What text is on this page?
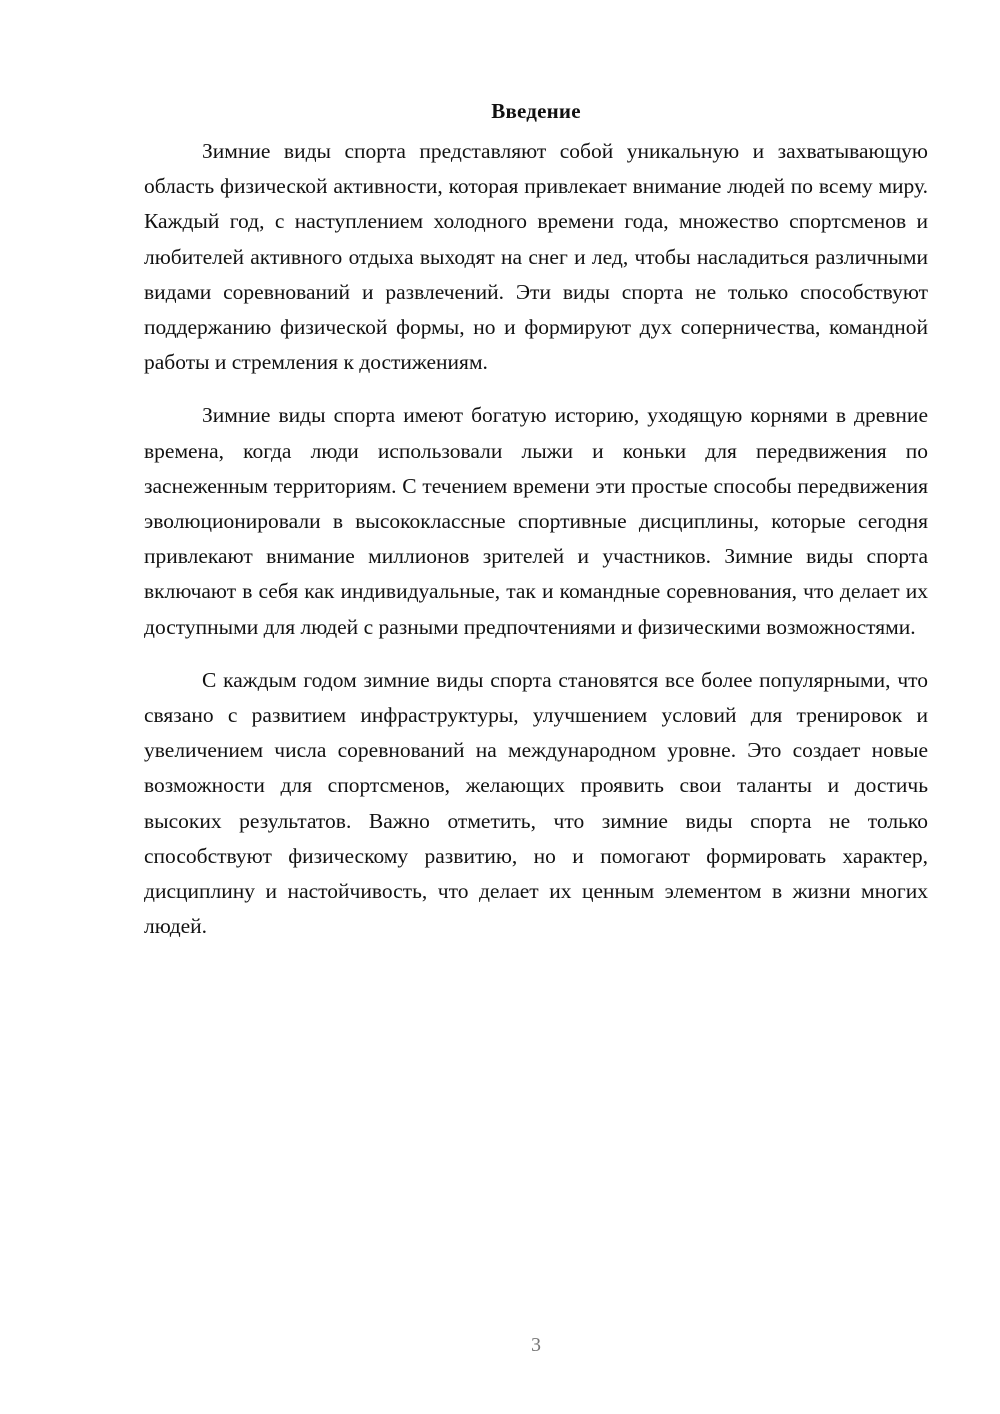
Введение

Зимние виды спорта представляют собой уникальную и захватывающую область физической активности, которая привлекает внимание людей по всему миру. Каждый год, с наступлением холодного времени года, множество спортсменов и любителей активного отдыха выходят на снег и лед, чтобы насладиться различными видами соревнований и развлечений. Эти виды спорта не только способствуют поддержанию физической формы, но и формируют дух соперничества, командной работы и стремления к достижениям.

Зимние виды спорта имеют богатую историю, уходящую корнями в древние времена, когда люди использовали лыжи и коньки для передвижения по заснеженным территориям. С течением времени эти простые способы передвижения эволюционировали в высококлассные спортивные дисциплины, которые сегодня привлекают внимание миллионов зрителей и участников. Зимние виды спорта включают в себя как индивидуальные, так и командные соревнования, что делает их доступными для людей с разными предпочтениями и физическими возможностями.

С каждым годом зимние виды спорта становятся все более популярными, что связано с развитием инфраструктуры, улучшением условий для тренировок и увеличением числа соревнований на международном уровне. Это создает новые возможности для спортсменов, желающих проявить свои таланты и достичь высоких результатов. Важно отметить, что зимние виды спорта не только способствуют физическому развитию, но и помогают формировать характер, дисциплину и настойчивость, что делает их ценным элементом в жизни многих людей.

3
